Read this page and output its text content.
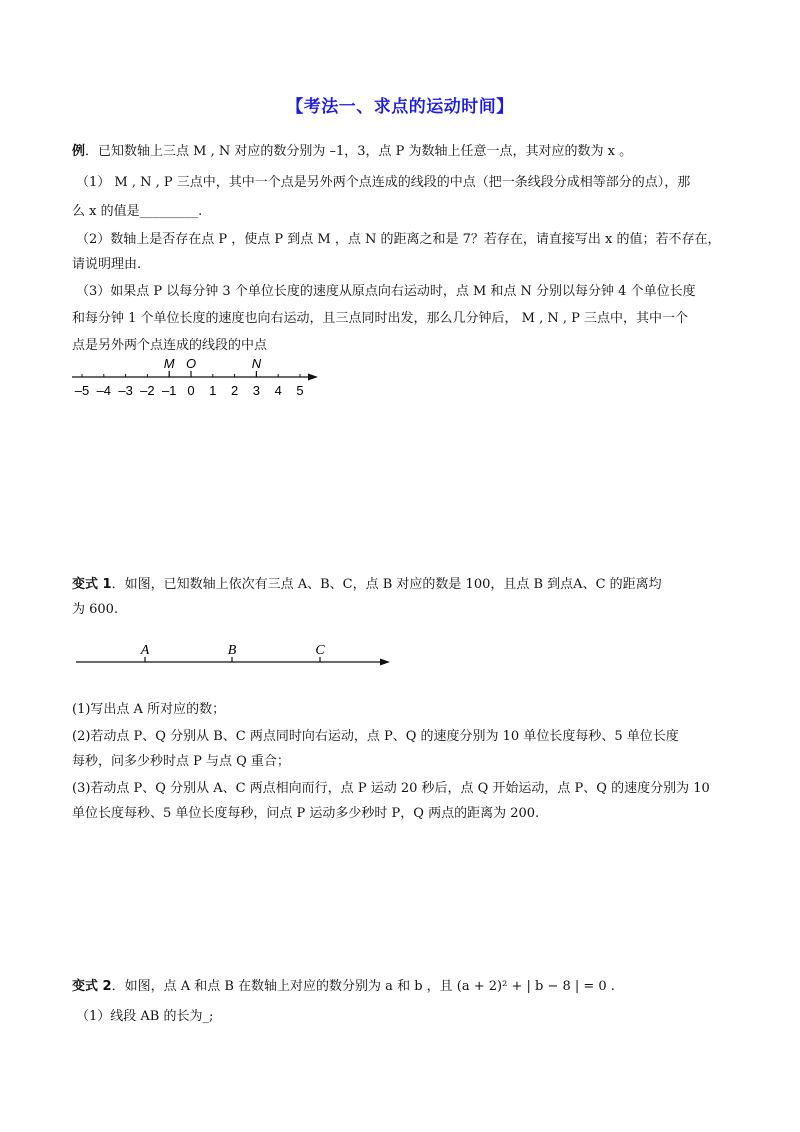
【考法一、求点的运动时间】
例．已知数轴上三点 M , N 对应的数分别为 –1，3，点 P 为数轴上任意一点，其对应的数为 x 。
（1） M , N , P 三点中，其中一个点是另外两个点连成的线段的中点（把一条线段分成相等部分的点），那
么 x 的值是_________.
（2）数轴上是否存在点 P ，使点 P 到点 M ，点 N 的距离之和是 7？若存在，请直接写出 x 的值；若不存在，
请说明理由.
（3）如果点 P 以每分钟 3 个单位长度的速度从原点向右运动时，点 M 和点 N 分别以每分钟 4 个单位长度
和每分钟 1 个单位长度的速度也向右运动，且三点同时出发，那么几分钟后， M , N , P 三点中，其中一个
点是另外两个点连成的线段的中点
–5 –4 –3 –2 –1 0 1 2 3 4 5
M O	N
变式 1．如图，已知数轴上依次有三点 A、B、C，点 B 对应的数是 100，且点 B 到点A、C 的距离均
为 600.
A	B	C
(1)写出点 A 所对应的数；
(2)若动点 P、Q 分别从 B、C 两点同时向右运动，点 P、Q 的速度分别为 10 单位长度每秒、5 单位长度
每秒，问多少秒时点 P 与点 Q 重合；
(3)若动点 P、Q 分别从 A、C 两点相向而行，点 P 运动 20 秒后，点 Q 开始运动，点 P、Q 的速度分别为 10
单位长度每秒、5 单位长度每秒，问点 P 运动多少秒时 P，Q 两点的距离为 200.
变式 2．如图，点 A 和点 B 在数轴上对应的数分别为 a 和 b ，且 (a + 2)² + | b − 8 | = 0 .
（1）线段 AB 的长为_;
